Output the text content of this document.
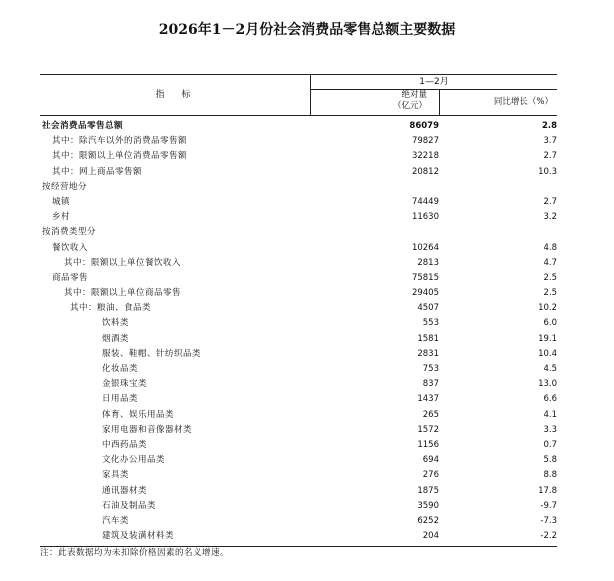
2026年1－2月份社会消费品零售总额主要数据
指　标
1—2月
绝对量
（亿元）	同比增长（%）
社会消费品零售总额	86079	2.8
其中：除汽车以外的消费品零售额	79827	3.7
其中：限额以上单位消费品零售额	32218	2.7
其中：网上商品零售额	20812	10.3
按经营地分
城镇	74449	2.7
乡村	11630	3.2
按消费类型分
餐饮收入	10264	4.8
其中：限额以上单位餐饮收入	2813	4.7
商品零售	75815	2.5
其中：限额以上单位商品零售	29405	2.5
其中：粮油、食品类	4507	10.2
饮料类	553	6.0
烟酒类	1581	19.1
服装、鞋帽、针纺织品类	2831	10.4
化妆品类	753	4.5
金银珠宝类	837	13.0
日用品类	1437	6.6
体育、娱乐用品类	265	4.1
家用电器和音像器材类	1572	3.3
中西药品类	1156	0.7
文化办公用品类	694	5.8
家具类	276	8.8
通讯器材类	1875	17.8
石油及制品类	3590	-9.7
汽车类	6252	-7.3
建筑及装潢材料类	204	-2.2
注：此表数据均为未扣除价格因素的名义增速。
